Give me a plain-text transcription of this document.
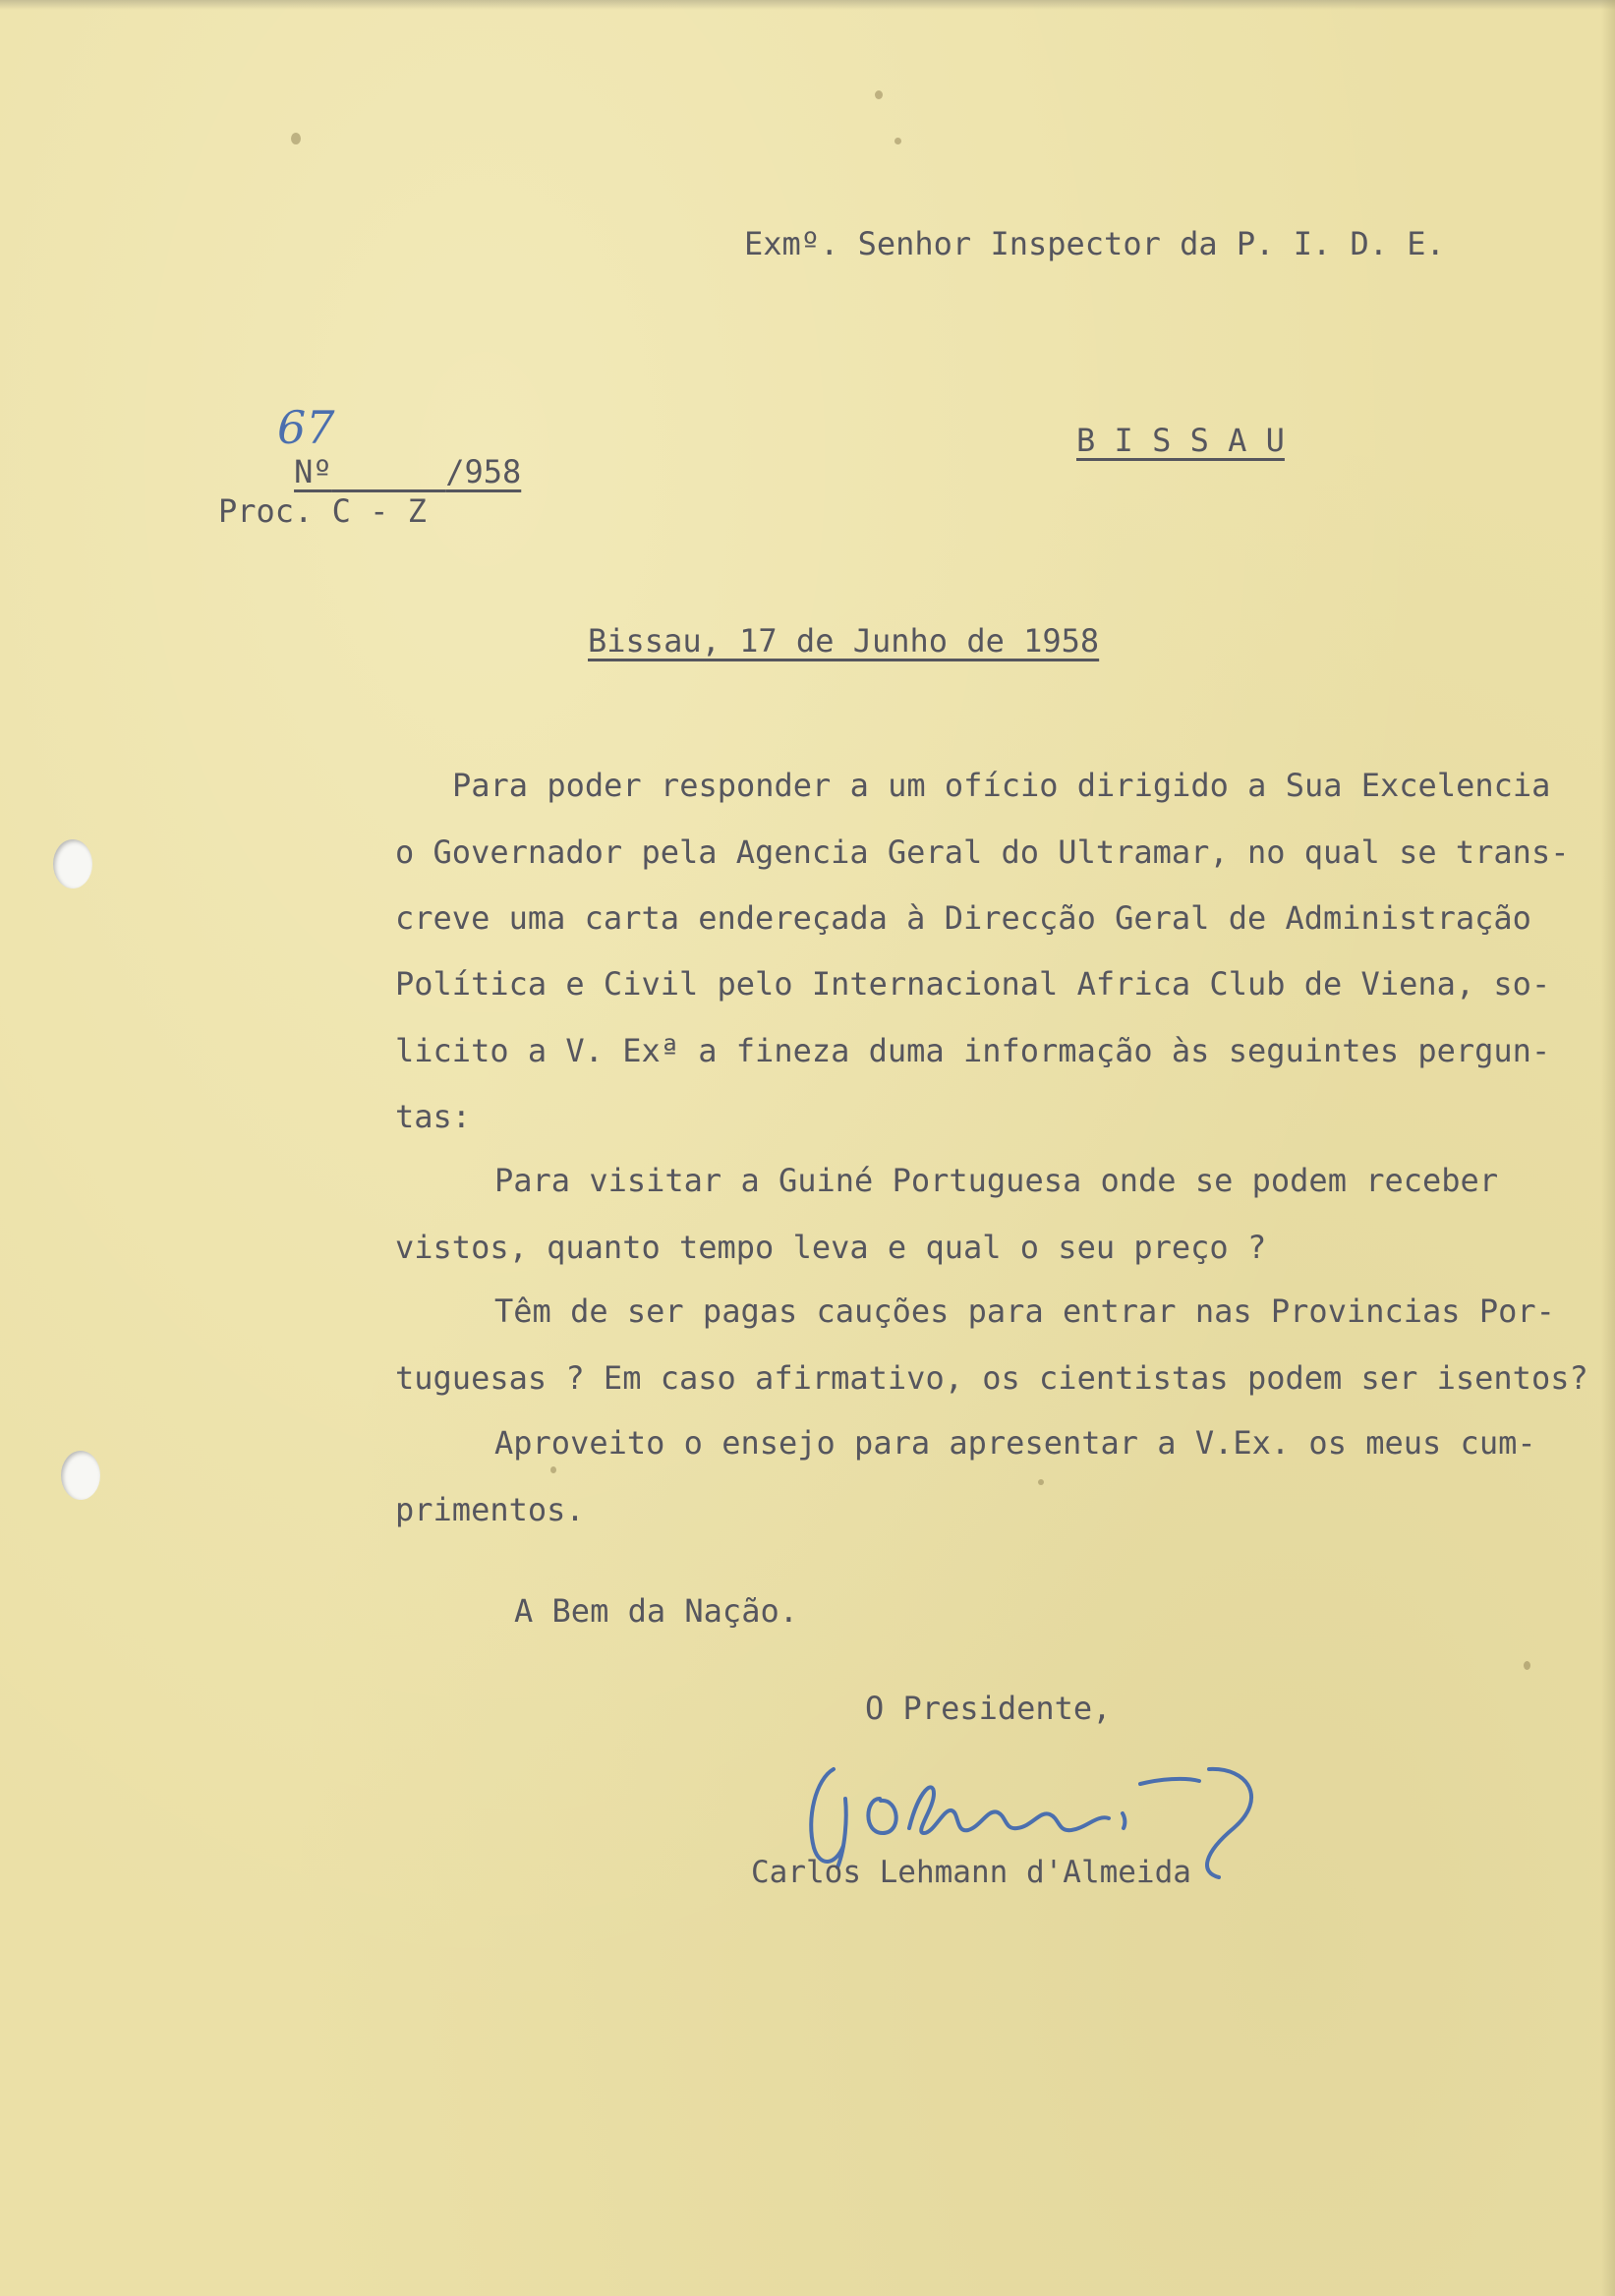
Exmº. Senhor Inspector da P. I. D. E.

Nº	/958

67	B I S S A U
Proc. C - Z
Bissau, 17 de Junho de 1958
Para poder responder a um ofício dirigido a Sua Excelencia
o Governador pela Agencia Geral do Ultramar, no qual se trans-
creve uma carta endereçada à Direcção Geral de Administração
Política e Civil pelo Internacional Africa Club de Viena, so-
licito a V. Exª a fineza duma informação às seguintes pergun-
tas:
Para visitar a Guiné Portuguesa onde se podem receber
vistos, quanto tempo leva e qual o seu preço ?
Têm de ser pagas cauções para entrar nas Provincias Por-
tuguesas ? Em caso afirmativo, os cientistas podem ser isentos?
Aproveito o ensejo para apresentar a V.Ex. os meus cum-
primentos.
A Bem da Nação.
O Presidente,
Carlos Lehmann d'Almeida
